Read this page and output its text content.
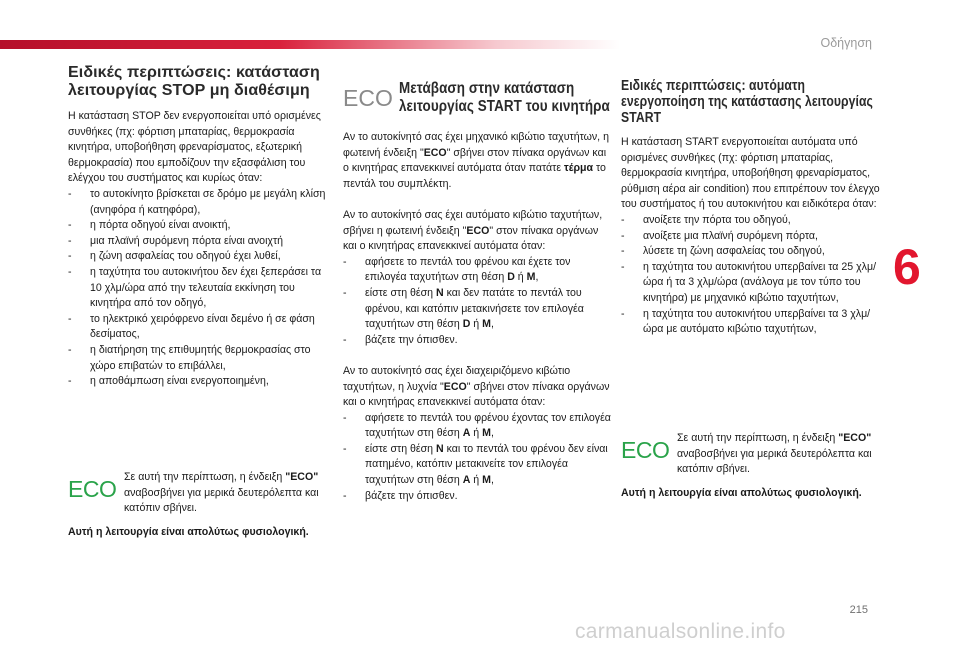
Οδήγηση
6
215
Ειδικές περιπτώσεις: κατάσταση λειτουργίας STOP μη διαθέσιμη

Η κατάσταση STOP δεν ενεργοποιείται υπό ορισμένες συνθήκες (πχ: φόρτιση μπαταρίας, θερμοκρασία κινητήρα, υποβοήθηση φρεναρίσματος, εξωτερική θερμοκρασία) που εμποδίζουν την εξασφάλιση του ελέγχου του συστήματος και κυρίως όταν:

- το αυτοκίνητο βρίσκεται σε δρόμο με μεγάλη κλίση (ανηφόρα ή κατηφόρα),
- η πόρτα οδηγού είναι ανοικτή,
- μια πλαϊνή συρόμενη πόρτα είναι ανοιχτή
- η ζώνη ασφαλείας του οδηγού έχει λυθεί,
- η ταχύτητα του αυτοκινήτου δεν έχει ξεπεράσει τα 10 χλμ/ώρα από την τελευταία εκκίνηση του κινητήρα από τον οδηγό,
- το ηλεκτρικό χειρόφρενο είναι δεμένο ή σε φάση δεσίματος,
- η διατήρηση της επιθυμητής θερμοκρασίας στο χώρο επιβατών το επιβάλλει,
- η αποθάμπωση είναι ενεργοποιημένη,
ECO Σε αυτή την περίπτωση, η ένδειξη "ECO" αναβοσβήνει για μερικά δευτερόλεπτα και κατόπιν σβήνει.
Αυτή η λειτουργία είναι απολύτως φυσιολογική.
ECO Μετάβαση στην κατάσταση λειτουργίας START του κινητήρα

Αν το αυτοκίνητό σας έχει μηχανικό κιβώτιο ταχυτήτων, η φωτεινή ένδειξη "ECO" σβήνει στον πίνακα οργάνων και ο κινητήρας επανεκκινεί αυτόματα όταν πατάτε τέρμα το πεντάλ του συμπλέκτη.

Αν το αυτοκίνητό σας έχει αυτόματο κιβώτιο ταχυτήτων, σβήνει η φωτεινή ένδειξη "ECO" στον πίνακα οργάνων και ο κινητήρας επανεκκινεί αυτόματα όταν:

- αφήσετε το πεντάλ του φρένου και έχετε τον επιλογέα ταχυτήτων στη θέση D ή M,
- είστε στη θέση N και δεν πατάτε το πεντάλ του φρένου, και κατόπιν μετακινήσετε τον επιλογέα ταχυτήτων στη θέση D ή M,
- βάζετε την όπισθεν.

Αν το αυτοκίνητό σας έχει διαχειριζόμενο κιβώτιο ταχυτήτων, η λυχνία "ECO" σβήνει στον πίνακα οργάνων και ο κινητήρας επανεκκινεί αυτόματα όταν:

- αφήσετε το πεντάλ του φρένου έχοντας τον επιλογέα ταχυτήτων στη θέση A ή M,
- είστε στη θέση N και το πεντάλ του φρένου δεν είναι πατημένο, κατόπιν μετακινείτε τον επιλογέα ταχυτήτων στη θέση A ή M,
- βάζετε την όπισθεν.
Ειδικές περιπτώσεις: αυτόματη ενεργοποίηση της κατάστασης λειτουργίας START

Η κατάσταση START ενεργοποιείται αυτόματα υπό ορισμένες συνθήκες (πχ: φόρτιση μπαταρίας, θερμοκρασία κινητήρα, υποβοήθηση φρεναρίσματος, ρύθμιση αέρα air condition) που επιτρέπουν τον έλεγχο του συστήματος ή του αυτοκινήτου και ειδικότερα όταν:

- ανοίξετε την πόρτα του οδηγού,
- ανοίξετε μια πλαϊνή συρόμενη πόρτα,
- λύσετε τη ζώνη ασφαλείας του οδηγού,
- η ταχύτητα του αυτοκινήτου υπερβαίνει τα 25 χλμ/ώρα ή τα 3 χλμ/ώρα (ανάλογα με τον τύπο του κινητήρα) με μηχανικό κιβώτιο ταχυτήτων,
- η ταχύτητα του αυτοκινήτου υπερβαίνει τα 3 χλμ/ώρα με αυτόματο κιβώτιο ταχυτήτων,
ECO Σε αυτή την περίπτωση, η ένδειξη "ECO" αναβοσβήνει για μερικά δευτερόλεπτα και κατόπιν σβήνει.
Αυτή η λειτουργία είναι απολύτως φυσιολογική.
carmanualsonline.info
